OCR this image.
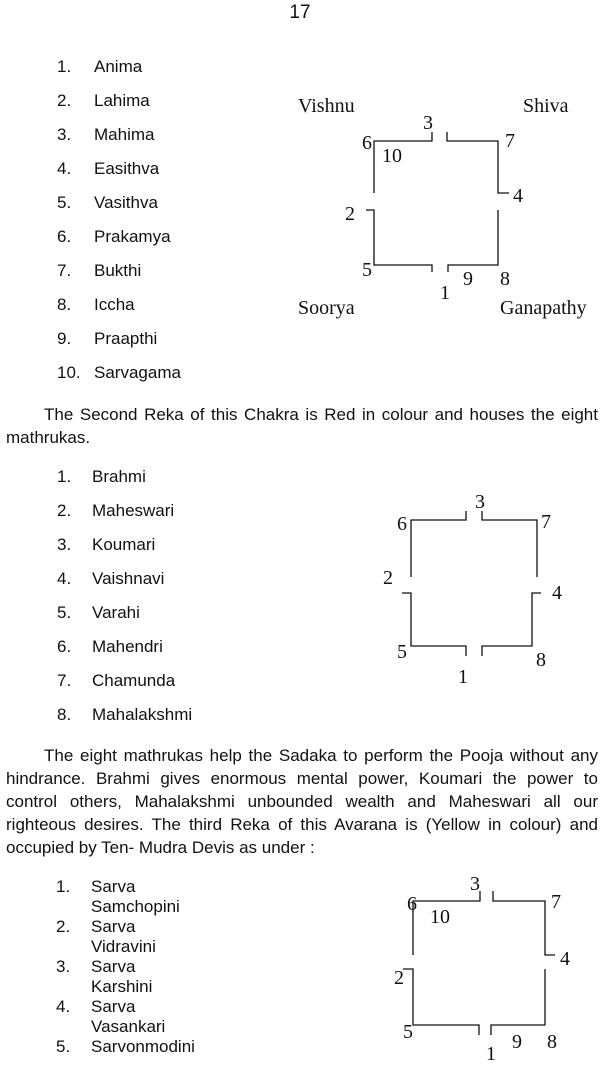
17
1. Anima
2. Lahima
3. Mahima
4. Easithva
5. Vasithva
6. Prakamya
7. Bukthi
8. Iccha
9. Praapthi
10. Sarvagama
Vishnu	Shiva
Soorya	Ganapathy
3
6
10
7
4
2
5
1
9 8

The Second Reka of this Chakra is Red in colour and houses the eight mathrukas.

1. Brahmi
2. Maheswari
3. Koumari
4. Vaishnavi
5. Varahi
6. Mahendri
7. Chamunda
8. Mahalakshmi
3
6	7
2
4
5	8
1

The eight mathrukas help the Sadaka to perform the Pooja without any hindrance. Brahmi gives enormous mental power, Koumari the power to control others, Mahalakshmi unbounded wealth and Maheswari all our righteous desires. The third Reka of this Avarana is (Yellow in colour) and occupied by Ten- Mudra Devis as under :

1. Sarva Samchopini
2. Sarva Vidravini
3. Sarva Karshini
4. Sarva Vasankari
5. Sarvonmodini
3
6
10
7
4
2
5
1
9 8
